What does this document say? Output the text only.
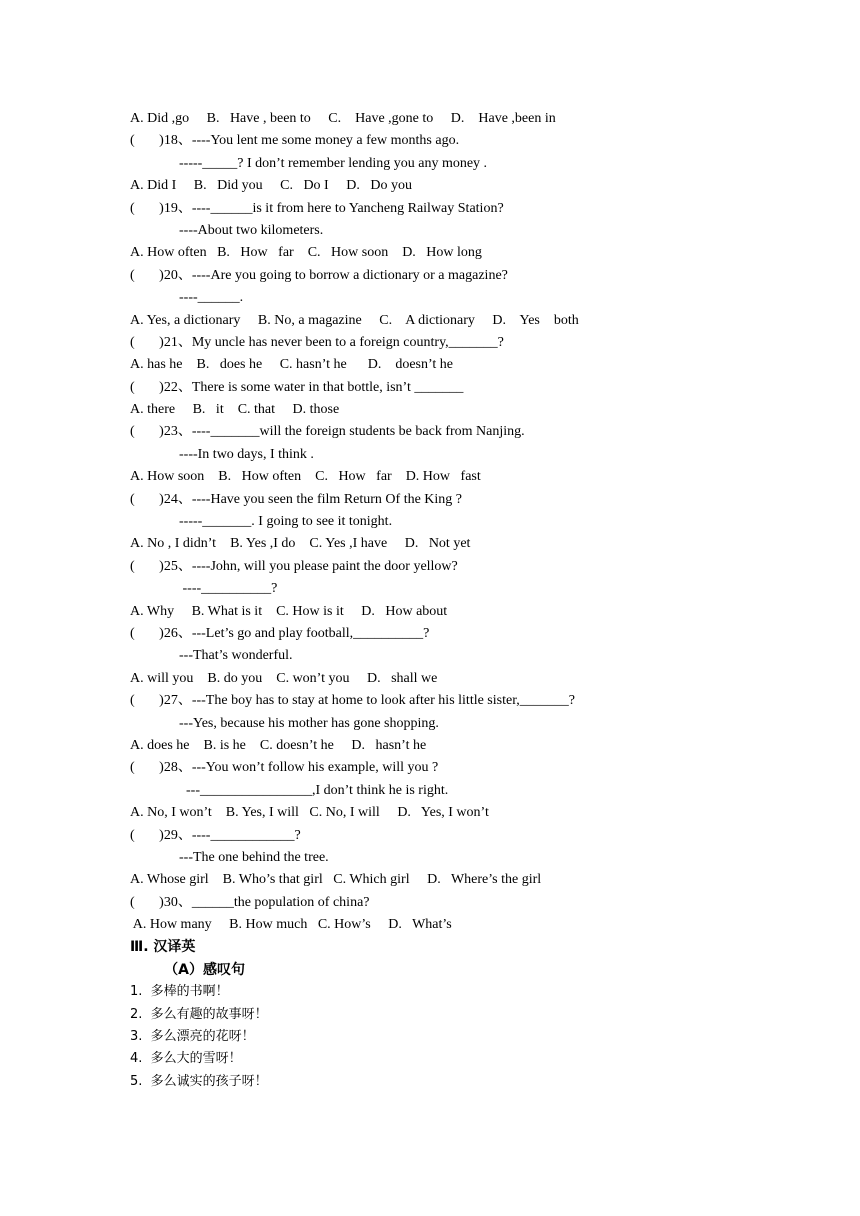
A. Did ,go     B.   Have , been to     C.    Have ,gone to     D.    Have ,been in
(       )18、----You lent me some money a few months ago.
-----_____? I don’t remember lending you any money .
A. Did I     B.   Did you     C.   Do I     D.   Do you
(       )19、----______is it from here to Yancheng Railway Station?
----About two kilometers.
A. How often   B.   How   far    C.   How soon    D.   How long
(       )20、----Are you going to borrow a dictionary or a magazine?
----______.
A. Yes, a dictionary     B. No, a magazine     C.    A dictionary     D.    Yes    both
(       )21、My uncle has never been to a foreign country,_______?
A. has he    B.   does he     C. hasn’t he      D.    doesn’t he
(       )22、There is some water in that bottle, isn’t _______
A. there     B.   it    C. that     D. those
(       )23、----_______will the foreign students be back from Nanjing.
----In two days, I think .
A. How soon    B.   How often    C.   How   far    D. How   fast
(       )24、----Have you seen the film Return Of the King ?
-----_______. I going to see it tonight.
A. No , I didn’t    B. Yes ,I do    C. Yes ,I have     D.   Not yet
(       )25、----John, will you please paint the door yellow?
----__________?
A. Why     B. What is it    C. How is it     D.   How about
(       )26、---Let’s go and play football,__________?
---That’s wonderful.
A. will you    B. do you    C. won’t you     D.   shall we
(       )27、---The boy has to stay at home to look after his little sister,_______?
---Yes, because his mother has gone shopping.
A. does he    B. is he    C. doesn’t he     D.   hasn’t he
(       )28、---You won’t follow his example, will you ?
---________________,I don’t think he is right.
A. No, I won’t    B. Yes, I will   C. No, I will     D.   Yes, I won’t
(       )29、----____________?
---The one behind the tree.
A. Whose girl    B. Who’s that girl   C. Which girl     D.   Where’s the girl
(       )30、______the population of china?
A. How many     B. How much   C. How’s     D.   What’s
Ⅲ. 汉译英
（A）感叹句
1.  多棒的书啊！
2.  多么有趣的故事呀！
3.  多么漂亮的花呀！
4.  多么大的雪呀！
5.  多么诚实的孩子呀！
